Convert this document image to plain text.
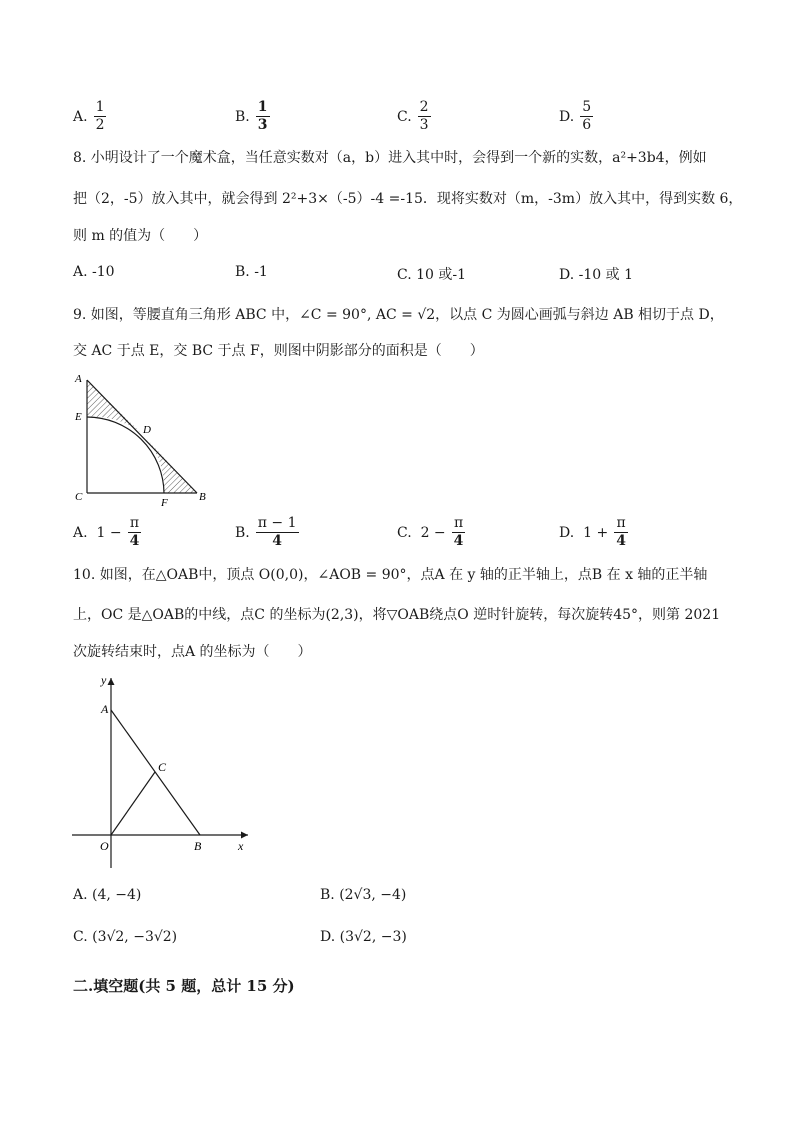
A. $\frac{1}{2}$	B. $\frac{1}{3}$	C. $\frac{2}{3}$	D. $\frac{5}{6}$
8. 小明设计了一个魔术盒，当任意实数对（a，b）进入其中时，会得到一个新的实数，a²+3b4，例如
把（2，-5）放入其中，就会得到 2²+3×（-5）-4 =-15．现将实数对（m，-3m）放入其中，得到实数 6，
则 m 的值为（　　）
A. -10	B. -1	C. 10 或-1	D. -10 或 1
9. 如图，等腰直角三角形 ABC 中，∠C = 90°, AC = √2，以点 C 为圆心画弧与斜边 AB 相切于点 D，
交 AC 于点 E，交 BC 于点 F，则图中阴影部分的面积是（　　）
A
E
D
C	F	B
A.
$1 - \frac{\pi}{4}$	B. $\frac{\pi - 1}{4}$	C.
$2 - \frac{\pi}{4}$	D.
$1 + \frac{\pi}{4}$
10. 如图，在△OAB中，顶点 O(0,0)，∠AOB = 90°，点A 在 y 轴的正半轴上，点B 在 x 轴的正半轴
上，OC 是△OAB的中线，点C 的坐标为(2,3)，将▽OAB绕点O 逆时针旋转，每次旋转45°，则第 2021
次旋转结束时，点A 的坐标为（　　）
y
A
C
O	B	x
A. (4, −4)	B. (2√3, −4)
C. (3√2, −3√2)	D. (3√2, −3)
二.填空题(共 5 题，总计 15 分)
